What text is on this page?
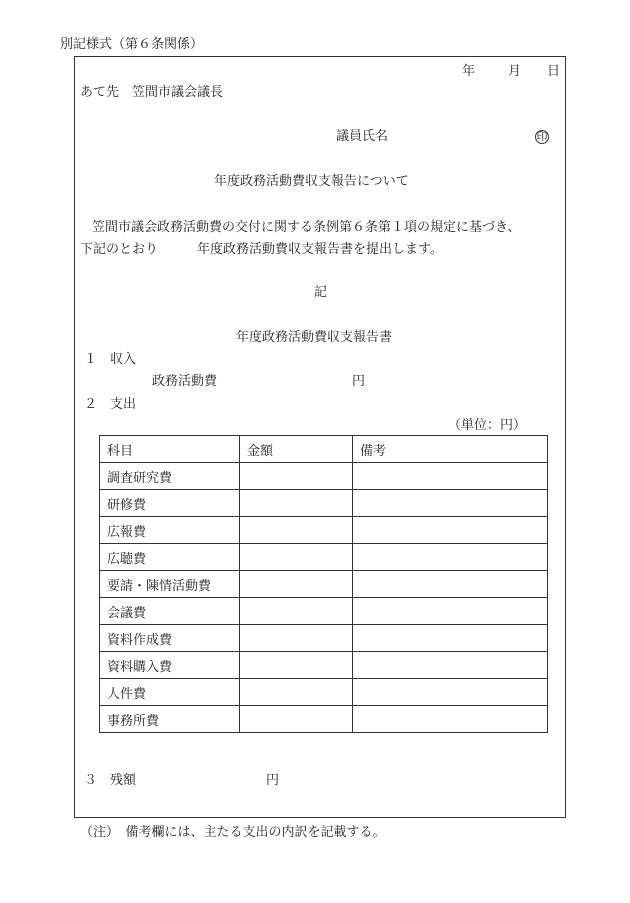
別記様式（第６条関係）
年	月 日
あて先　笠間市議会議長
議員氏名	印
年度政務活動費収支報告について
笠間市議会政務活動費の交付に関する条例第６条第１項の規定に基づき、
下記のとおり　　　年度政務活動費収支報告書を提出します。
記
年度政務活動費収支報告書
１　収入
政務活動費	円
２　支出
（単位：円）
科目	金額	備考
調査研究費		
研修費		
広報費		
広聴費		
要請・陳情活動費		
会議費		
資料作成費		
資料購入費		
人件費		
事務所費		
３　残額	円
（注）　備考欄には、主たる支出の内訳を記載する。
